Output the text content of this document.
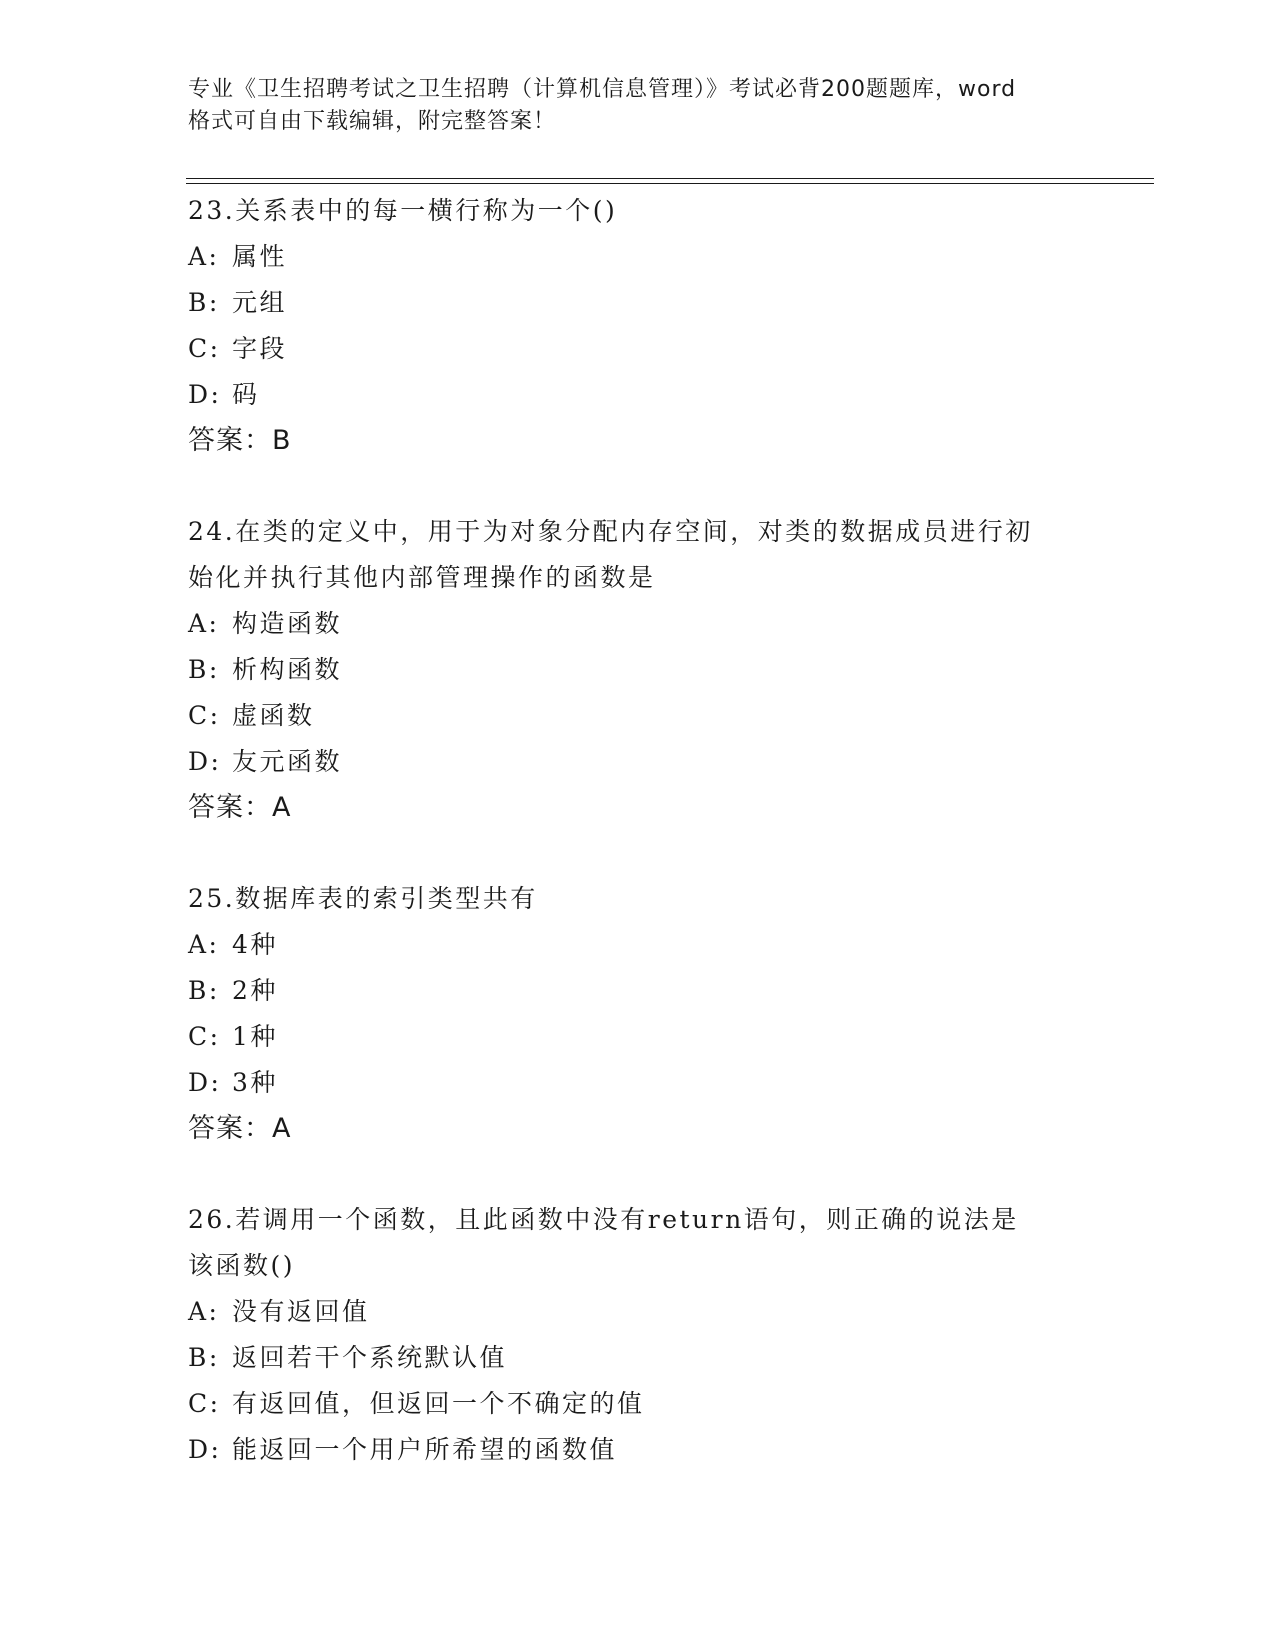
专业《卫生招聘考试之卫生招聘（计算机信息管理）》考试必背200题题库，word
格式可自由下载编辑，附完整答案！
23.关系表中的每一横行称为一个()
A: 属性
B: 元组
C: 字段
D: 码
答案：B
24.在类的定义中，用于为对象分配内存空间，对类的数据成员进行初
始化并执行其他内部管理操作的函数是
A: 构造函数
B: 析构函数
C: 虚函数
D: 友元函数
答案：A
25.数据库表的索引类型共有
A: 4种
B: 2种
C: 1种
D: 3种
答案：A
26.若调用一个函数，且此函数中没有return语句，则正确的说法是
该函数()
A: 没有返回值
B: 返回若干个系统默认值
C: 有返回值，但返回一个不确定的值
D: 能返回一个用户所希望的函数值
